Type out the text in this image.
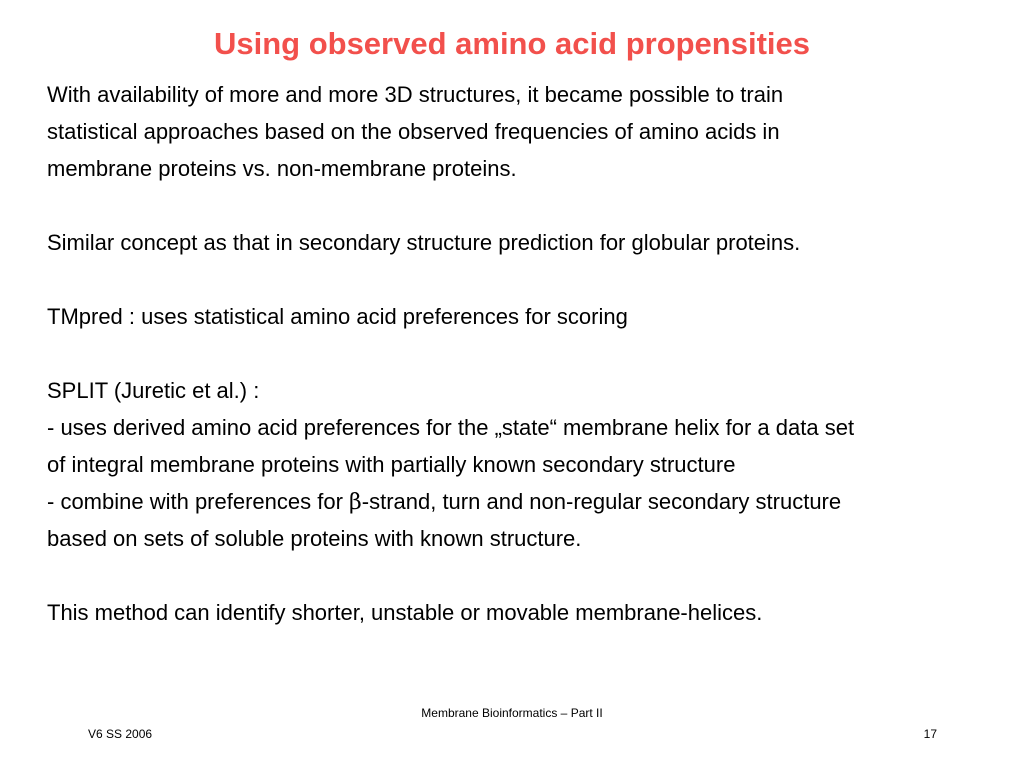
Using observed amino acid propensities
With availability of more and more 3D structures, it became possible to train
statistical approaches based on the observed frequencies of amino acids in
membrane proteins vs. non-membrane proteins.
Similar concept as that in secondary structure prediction for globular proteins.
TMpred : uses statistical amino acid preferences for scoring
SPLIT (Juretic et al.) :
- uses derived amino acid preferences for the „state“ membrane helix for a data set
of integral membrane proteins with partially known secondary structure
- combine with preferences for β-strand, turn and non-regular secondary structure
based on sets of soluble proteins with known structure.
This method can identify shorter, unstable or movable membrane-helices.
Membrane Bioinformatics – Part II
V6 SS 2006	17
